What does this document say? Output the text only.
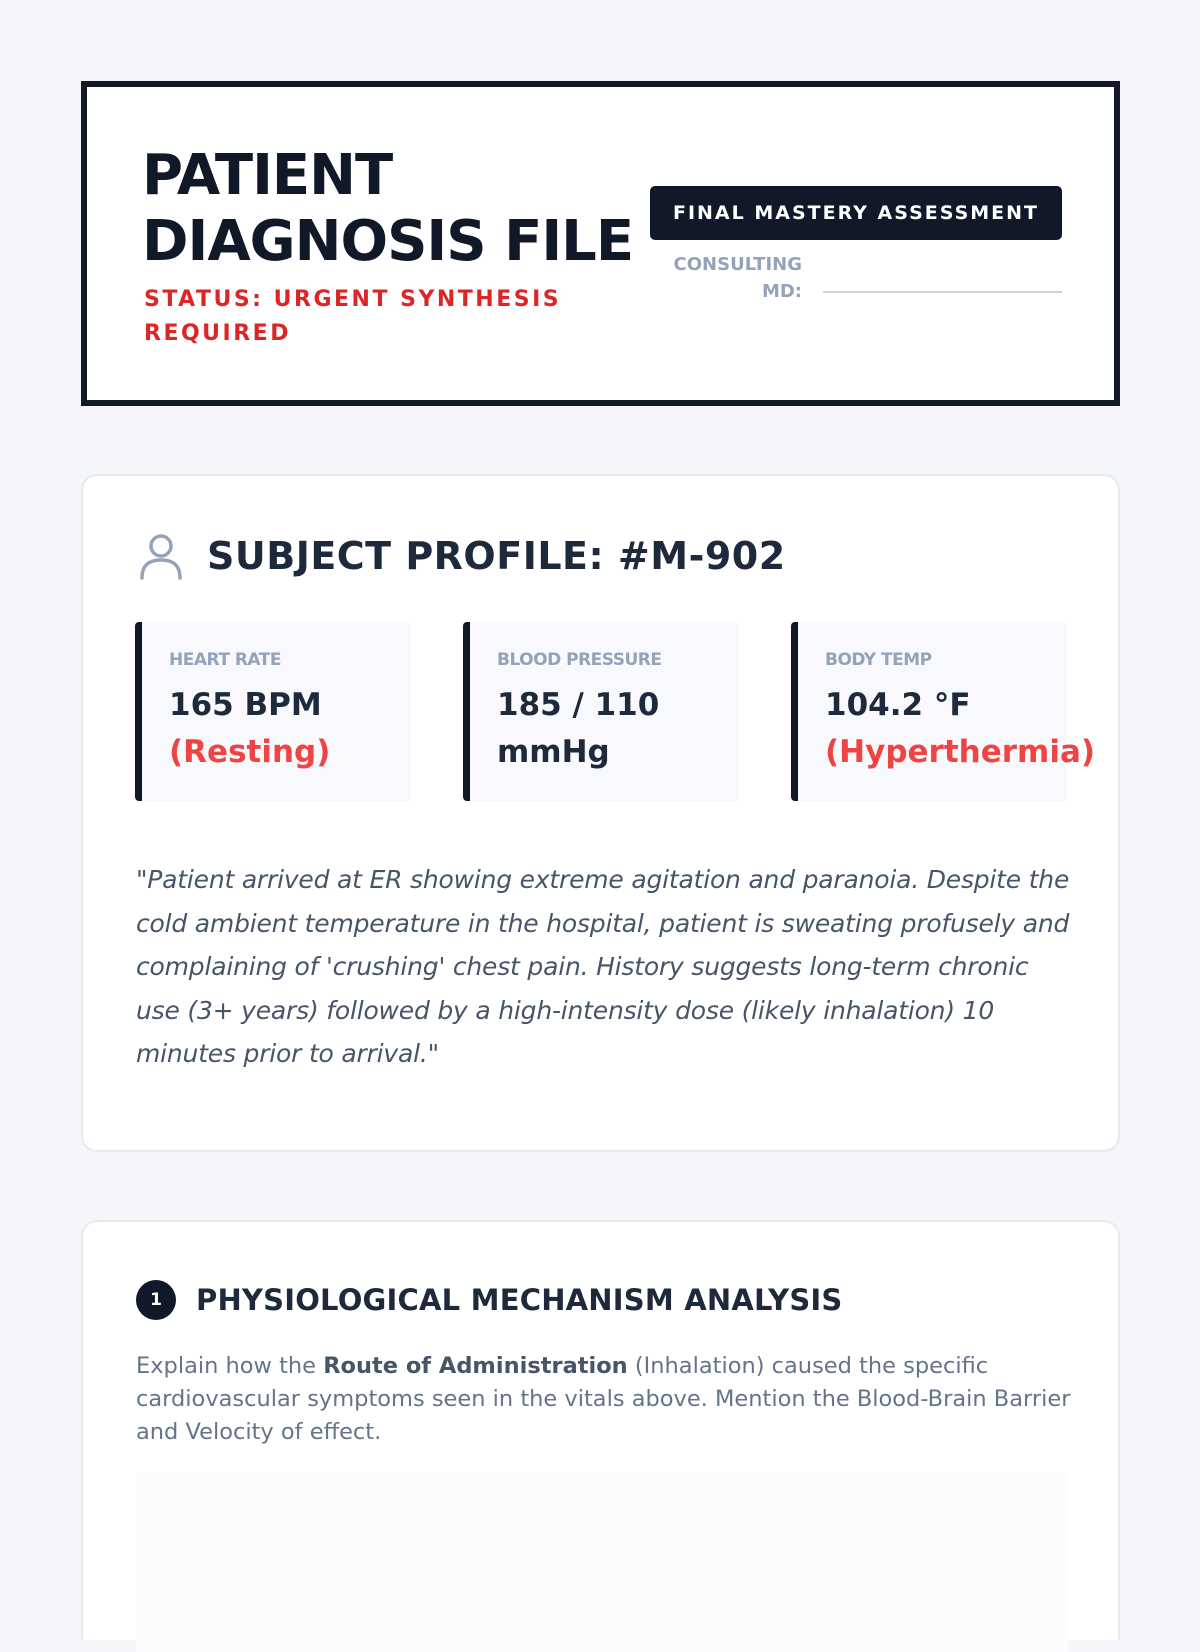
PATIENT
DIAGNOSIS FILE
STATUS: URGENT SYNTHESIS
REQUIRED
FINAL MASTERY ASSESSMENT
CONSULTING
MD:
SUBJECT PROFILE: #M-902
HEART RATE
165 BPM
(Resting)
BLOOD PRESSURE
185 / 110
mmHg
BODY TEMP
104.2 °F
(Hyperthermia)

"Patient arrived at ER showing extreme agitation and paranoia. Despite the cold ambient temperature in the hospital, patient is sweating profusely and complaining of 'crushing' chest pain. History suggests long-term chronic use (3+ years) followed by a high-intensity dose (likely inhalation) 10 minutes prior to arrival."

1	PHYSIOLOGICAL MECHANISM ANALYSIS

Explain how the Route of Administration (Inhalation) caused the specific cardiovascular symptoms seen in the vitals above. Mention the Blood-Brain Barrier and Velocity of effect.
